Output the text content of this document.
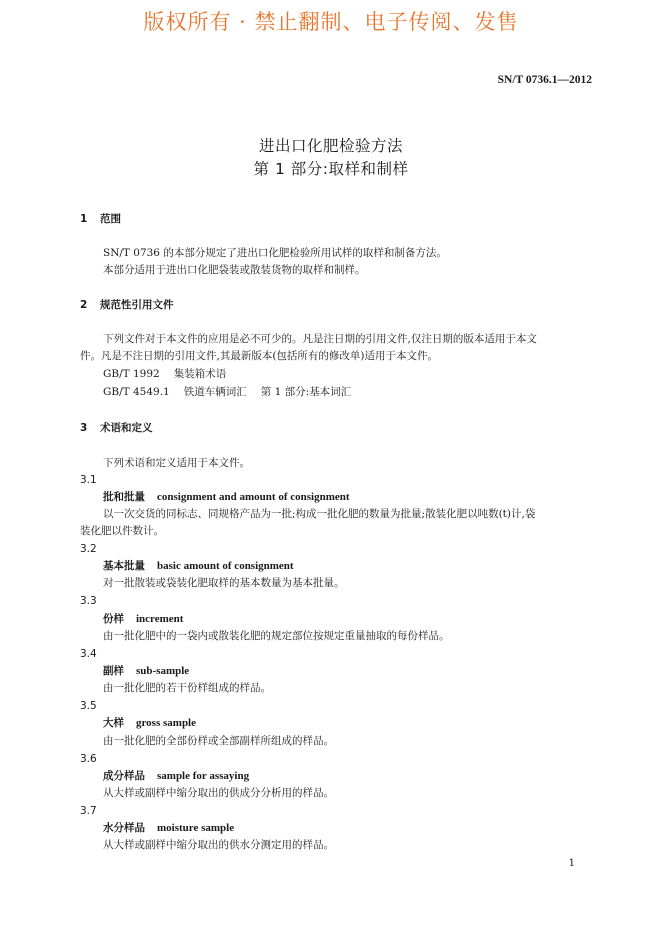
版权所有 · 禁止翻制、电子传阅、发售
SN/T 0736.1—2012
进出口化肥检验方法
第 1 部分:取样和制样
1 范围
SN/T 0736 的本部分规定了进出口化肥检验所用试样的取样和制备方法。
本部分适用于进出口化肥袋装或散装货物的取样和制样。
2 规范性引用文件
下列文件对于本文件的应用是必不可少的。凡是注日期的引用文件,仅注日期的版本适用于本文
件。凡是不注日期的引用文件,其最新版本(包括所有的修改单)适用于本文件。
GB/T 1992 集装箱术语
GB/T 4549.1 铁道车辆词汇 第 1 部分:基本词汇
3 术语和定义
下列术语和定义适用于本文件。
3.1
批和批量 consignment and amount of consignment
以一次交货的同标志、同规格产品为一批;构成一批化肥的数量为批量;散装化肥以吨数(t)计,袋
装化肥以件数计。
3.2
基本批量 basic amount of consignment
对一批散装或袋装化肥取样的基本数量为基本批量。
3.3
份样 increment
由一批化肥中的一袋内或散装化肥的规定部位按规定重量抽取的每份样品。
3.4
副样 sub-sample
由一批化肥的若干份样组成的样品。
3.5
大样 gross sample
由一批化肥的全部份样或全部副样所组成的样品。
3.6
成分样品 sample for assaying
从大样或副样中缩分取出的供成分分析用的样品。
3.7
水分样品 moisture sample
从大样或副样中缩分取出的供水分测定用的样品。
1
